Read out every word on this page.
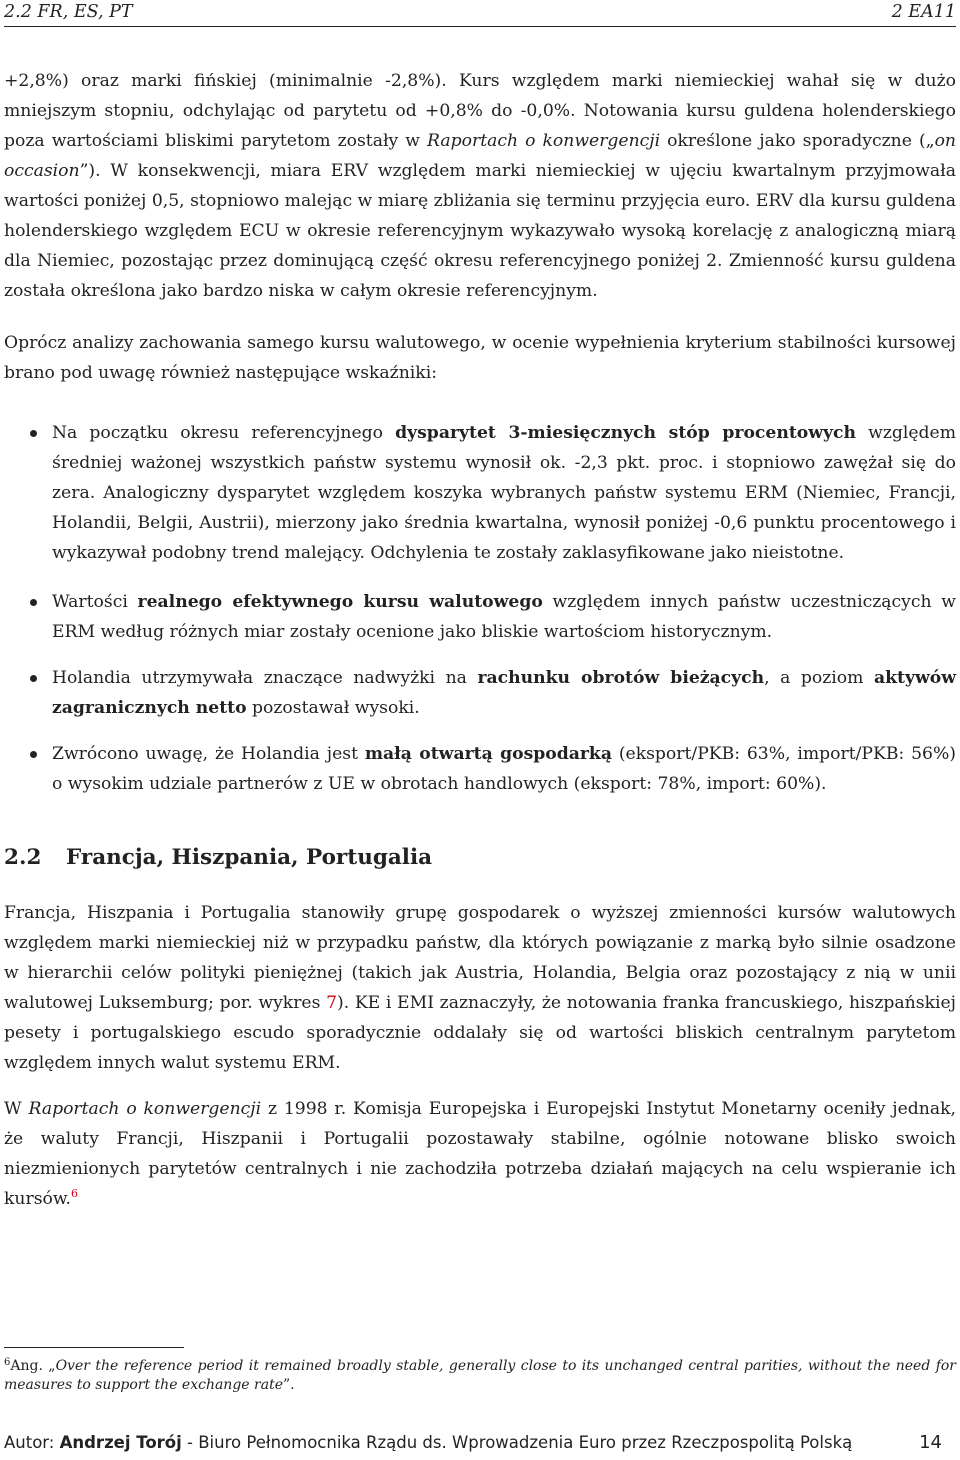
2.2 FR, ES, PT	2 EA11

+2,8%) oraz marki fińskiej (minimalnie -2,8%). Kurs względem marki niemieckiej wahał się w dużo mniejszym stopniu, odchylając od parytetu od +0,8% do -0,0%. Notowania kursu guldena holenderskiego poza wartościami bliskimi parytetom zostały w Raportach o konwergencji określone jako sporadyczne („on occasion”). W konsekwencji, miara ERV względem marki niemieckiej w ujęciu kwartalnym przyjmowała wartości poniżej 0,5, stopniowo malejąc w miarę zbliżania się terminu przyjęcia euro. ERV dla kursu guldena holenderskiego względem ECU w okresie referencyjnym wykazywało wysoką korelację z analogiczną miarą dla Niemiec, pozostając przez dominującą część okresu referencyjnego poniżej 2. Zmienność kursu guldena została określona jako bardzo niska w całym okresie referencyjnym.

Oprócz analizy zachowania samego kursu walutowego, w ocenie wypełnienia kryterium stabilności kursowej brano pod uwagę również następujące wskaźniki:

Na początku okresu referencyjnego dysparytet 3-miesięcznych stóp procentowych względem średniej ważonej wszystkich państw systemu wynosił ok. -2,3 pkt. proc. i stopniowo zawężał się do zera. Analogiczny dysparytet względem koszyka wybranych państw systemu ERM (Niemiec, Francji, Holandii, Belgii, Austrii), mierzony jako średnia kwartalna, wynosił poniżej -0,6 punktu procentowego i wykazywał podobny trend malejący. Odchylenia te zostały zaklasyfikowane jako nieistotne.
Wartości realnego efektywnego kursu walutowego względem innych państw uczestniczących w ERM według różnych miar zostały ocenione jako bliskie wartościom historycznym.
Holandia utrzymywała znaczące nadwyżki na rachunku obrotów bieżących, a poziom aktywów zagranicznych netto pozostawał wysoki.
Zwrócono uwagę, że Holandia jest małą otwartą gospodarką (eksport/PKB: 63%, import/PKB: 56%) o wysokim udziale partnerów z UE w obrotach handlowych (eksport: 78%, import: 60%).
2.2 Francja, Hiszpania, Portugalia

Francja, Hiszpania i Portugalia stanowiły grupę gospodarek o wyższej zmienności kursów walutowych względem marki niemieckiej niż w przypadku państw, dla których powiązanie z marką było silnie osadzone w hierarchii celów polityki pieniężnej (takich jak Austria, Holandia, Belgia oraz pozostający z nią w unii walutowej Luksemburg; por. wykres 7). KE i EMI zaznaczyły, że notowania franka francuskiego, hiszpańskiej pesety i portugalskiego escudo sporadycznie oddalały się od wartości bliskich centralnym parytetom względem innych walut systemu ERM.

W Raportach o konwergencji z 1998 r. Komisja Europejska i Europejski Instytut Monetarny oceniły jednak, że waluty Francji, Hiszpanii i Portugalii pozostawały stabilne, ogólnie notowane blisko swoich niezmienionych parytetów centralnych i nie zachodziła potrzeba działań mających na celu wspieranie ich kursów.$^6$

$^6$Ang. „Over the reference period it remained broadly stable, generally close to its unchanged central parities, without the need for measures to support the exchange rate”.

Autor: Andrzej Torój - Biuro Pełnomocnika Rządu ds. Wprowadzenia Euro przez Rzeczpospolitą Polską	14
